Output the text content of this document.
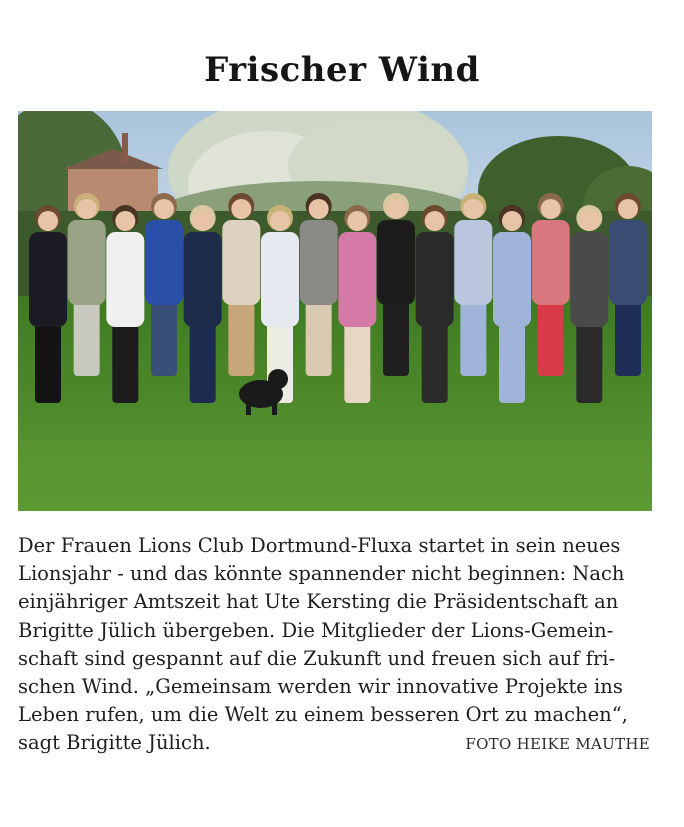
Frischer Wind
Der Frauen Lions Club Dortmund-Fluxa startet in sein neues
Lionsjahr - und das könnte spannender nicht beginnen: Nach
einjähriger Amtszeit hat Ute Kersting die Präsidentschaft an
Brigitte Jülich übergeben. Die Mitglieder der Lions-Gemein-
schaft sind gespannt auf die Zukunft und freuen sich auf fri-
schen Wind. „Gemeinsam werden wir innovative Projekte ins
Leben rufen, um die Welt zu einem besseren Ort zu machen“,
sagt Brigitte Jülich.	FOTO HEIKE MAUTHE
